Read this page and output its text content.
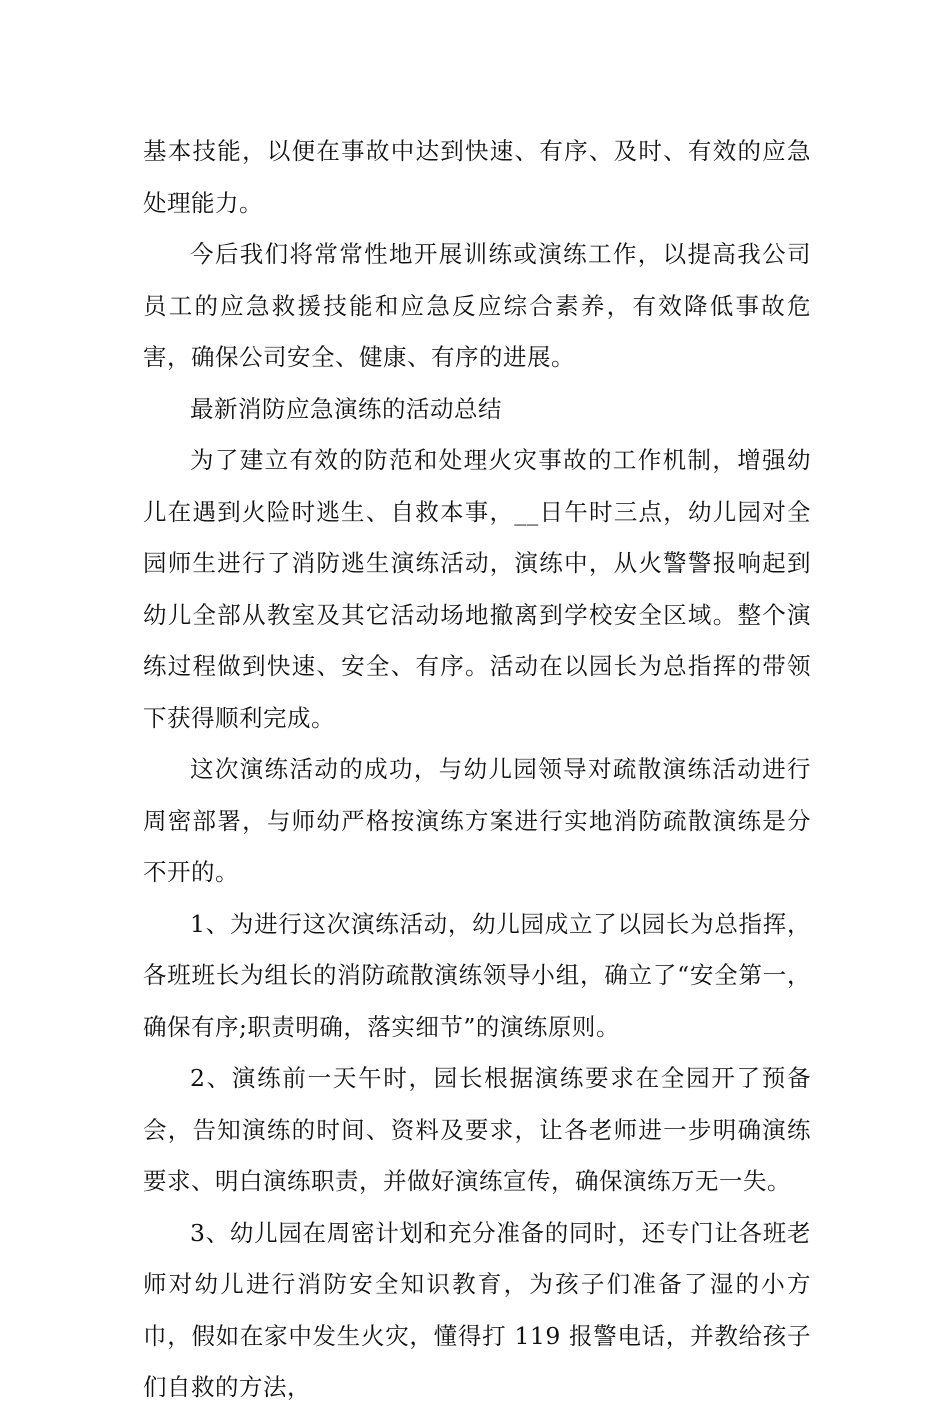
基本技能，以便在事故中达到快速、有序、及时、有效的应急处理能力。

今后我们将常常性地开展训练或演练工作，以提高我公司员工的应急救援技能和应急反应综合素养，有效降低事故危害，确保公司安全、健康、有序的进展。

最新消防应急演练的活动总结

为了建立有效的防范和处理火灾事故的工作机制，增强幼儿在遇到火险时逃生、自救本事，__日午时三点，幼儿园对全园师生进行了消防逃生演练活动，演练中，从火警警报响起到幼儿全部从教室及其它活动场地撤离到学校安全区域。整个演练过程做到快速、安全、有序。活动在以园长为总指挥的带领下获得顺利完成。

这次演练活动的成功，与幼儿园领导对疏散演练活动进行周密部署，与师幼严格按演练方案进行实地消防疏散演练是分不开的。

1、为进行这次演练活动，幼儿园成立了以园长为总指挥，各班班长为组长的消防疏散演练领导小组，确立了“安全第一，确保有序;职责明确，落实细节”的演练原则。

2、演练前一天午时，园长根据演练要求在全园开了预备会，告知演练的时间、资料及要求，让各老师进一步明确演练要求、明白演练职责，并做好演练宣传，确保演练万无一失。

3、幼儿园在周密计划和充分准备的同时，还专门让各班老师对幼儿进行消防安全知识教育，为孩子们准备了湿的小方巾，假如在家中发生火灾，懂得打 119 报警电话，并教给孩子们自救的方法，
